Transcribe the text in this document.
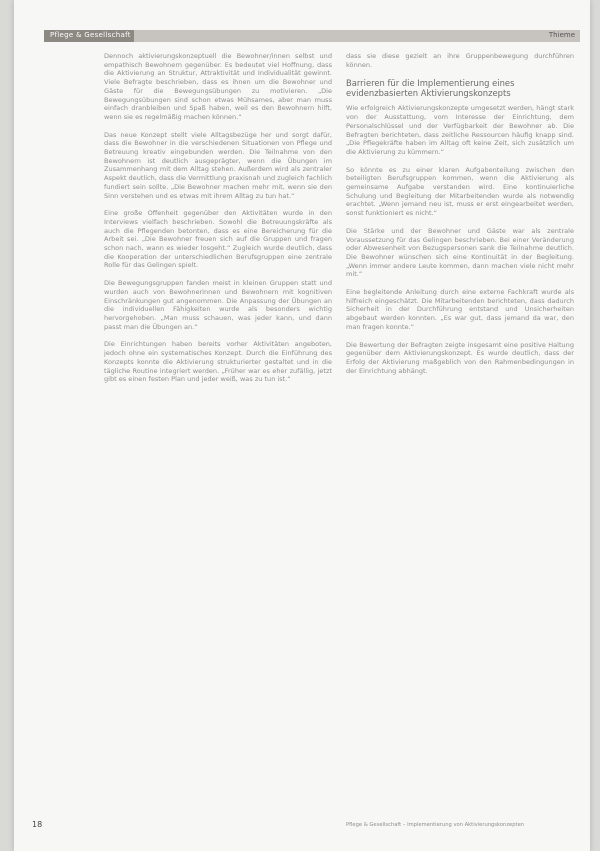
Pflege & Gesellschaft	Thieme

Dennoch aktivierungskonzeptuell die Bewohner/innen selbst und empathisch Bewohnern gegenüber. Es bedeutet viel Hoffnung, dass die Aktivierung an Struktur, Attraktivität und Individualität gewinnt. Viele Befragte beschrieben, dass es ihnen um die Bewohner und Gäste für die Bewegungsübungen zu motivieren. „Die Bewegungsübungen sind schon etwas Mühsames, aber man muss einfach dranbleiben und Spaß haben, weil es den Bewohnern hilft, wenn sie es regelmäßig machen können.“

Das neue Konzept stellt viele Alltagsbezüge her und sorgt dafür, dass die Bewohner in die verschiedenen Situationen von Pflege und Betreuung kreativ eingebunden werden. Die Teilnahme von den Bewohnern ist deutlich ausgeprägter, wenn die Übungen im Zusammenhang mit dem Alltag stehen. Außerdem wird als zentraler Aspekt deutlich, dass die Vermittlung praxisnah und zugleich fachlich fundiert sein sollte. „Die Bewohner machen mehr mit, wenn sie den Sinn verstehen und es etwas mit ihrem Alltag zu tun hat.“

Eine große Offenheit gegenüber den Aktivitäten wurde in den Interviews vielfach beschrieben. Sowohl die Betreuungskräfte als auch die Pflegenden betonten, dass es eine Bereicherung für die Arbeit sei. „Die Bewohner freuen sich auf die Gruppen und fragen schon nach, wann es wieder losgeht.“ Zugleich wurde deutlich, dass die Kooperation der unterschiedlichen Berufsgruppen eine zentrale Rolle für das Gelingen spielt.

Die Bewegungsgruppen fanden meist in kleinen Gruppen statt und wurden auch von Bewohnerinnen und Bewohnern mit kognitiven Einschränkungen gut angenommen. Die Anpassung der Übungen an die individuellen Fähigkeiten wurde als besonders wichtig hervorgehoben. „Man muss schauen, was jeder kann, und dann passt man die Übungen an.“

Die Einrichtungen haben bereits vorher Aktivitäten angeboten, jedoch ohne ein systematisches Konzept. Durch die Einführung des Konzepts konnte die Aktivierung strukturierter gestaltet und in die tägliche Routine integriert werden. „Früher war es eher zufällig, jetzt gibt es einen festen Plan und jeder weiß, was zu tun ist.“

dass sie diese gezielt an ihre Gruppenbewegung durchführen können.

Barrieren für die Implementierung eines evidenzbasierten Aktivierungskonzepts

Wie erfolgreich Aktivierungskonzepte umgesetzt werden, hängt stark von der Ausstattung, vom Interesse der Einrichtung, dem Personalschlüssel und der Verfügbarkeit der Bewohner ab. Die Befragten berichteten, dass zeitliche Ressourcen häufig knapp sind. „Die Pflegekräfte haben im Alltag oft keine Zeit, sich zusätzlich um die Aktivierung zu kümmern.“

So könnte es zu einer klaren Aufgabenteilung zwischen den beteiligten Berufsgruppen kommen, wenn die Aktivierung als gemeinsame Aufgabe verstanden wird. Eine kontinuierliche Schulung und Begleitung der Mitarbeitenden wurde als notwendig erachtet. „Wenn jemand neu ist, muss er erst eingearbeitet werden, sonst funktioniert es nicht.“

Die Stärke und der Bewohner und Gäste war als zentrale Voraussetzung für das Gelingen beschrieben. Bei einer Veränderung oder Abwesenheit von Bezugspersonen sank die Teilnahme deutlich. Die Bewohner wünschen sich eine Kontinuität in der Begleitung. „Wenn immer andere Leute kommen, dann machen viele nicht mehr mit.“

Eine begleitende Anleitung durch eine externe Fachkraft wurde als hilfreich eingeschätzt. Die Mitarbeitenden berichteten, dass dadurch Sicherheit in der Durchführung entstand und Unsicherheiten abgebaut werden konnten. „Es war gut, dass jemand da war, den man fragen konnte.“

Die Bewertung der Befragten zeigte insgesamt eine positive Haltung gegenüber dem Aktivierungskonzept. Es wurde deutlich, dass der Erfolg der Aktivierung maßgeblich von den Rahmenbedingungen in der Einrichtung abhängt.

18	Pflege & Gesellschaft – Implementierung von Aktivierungskonzepten
